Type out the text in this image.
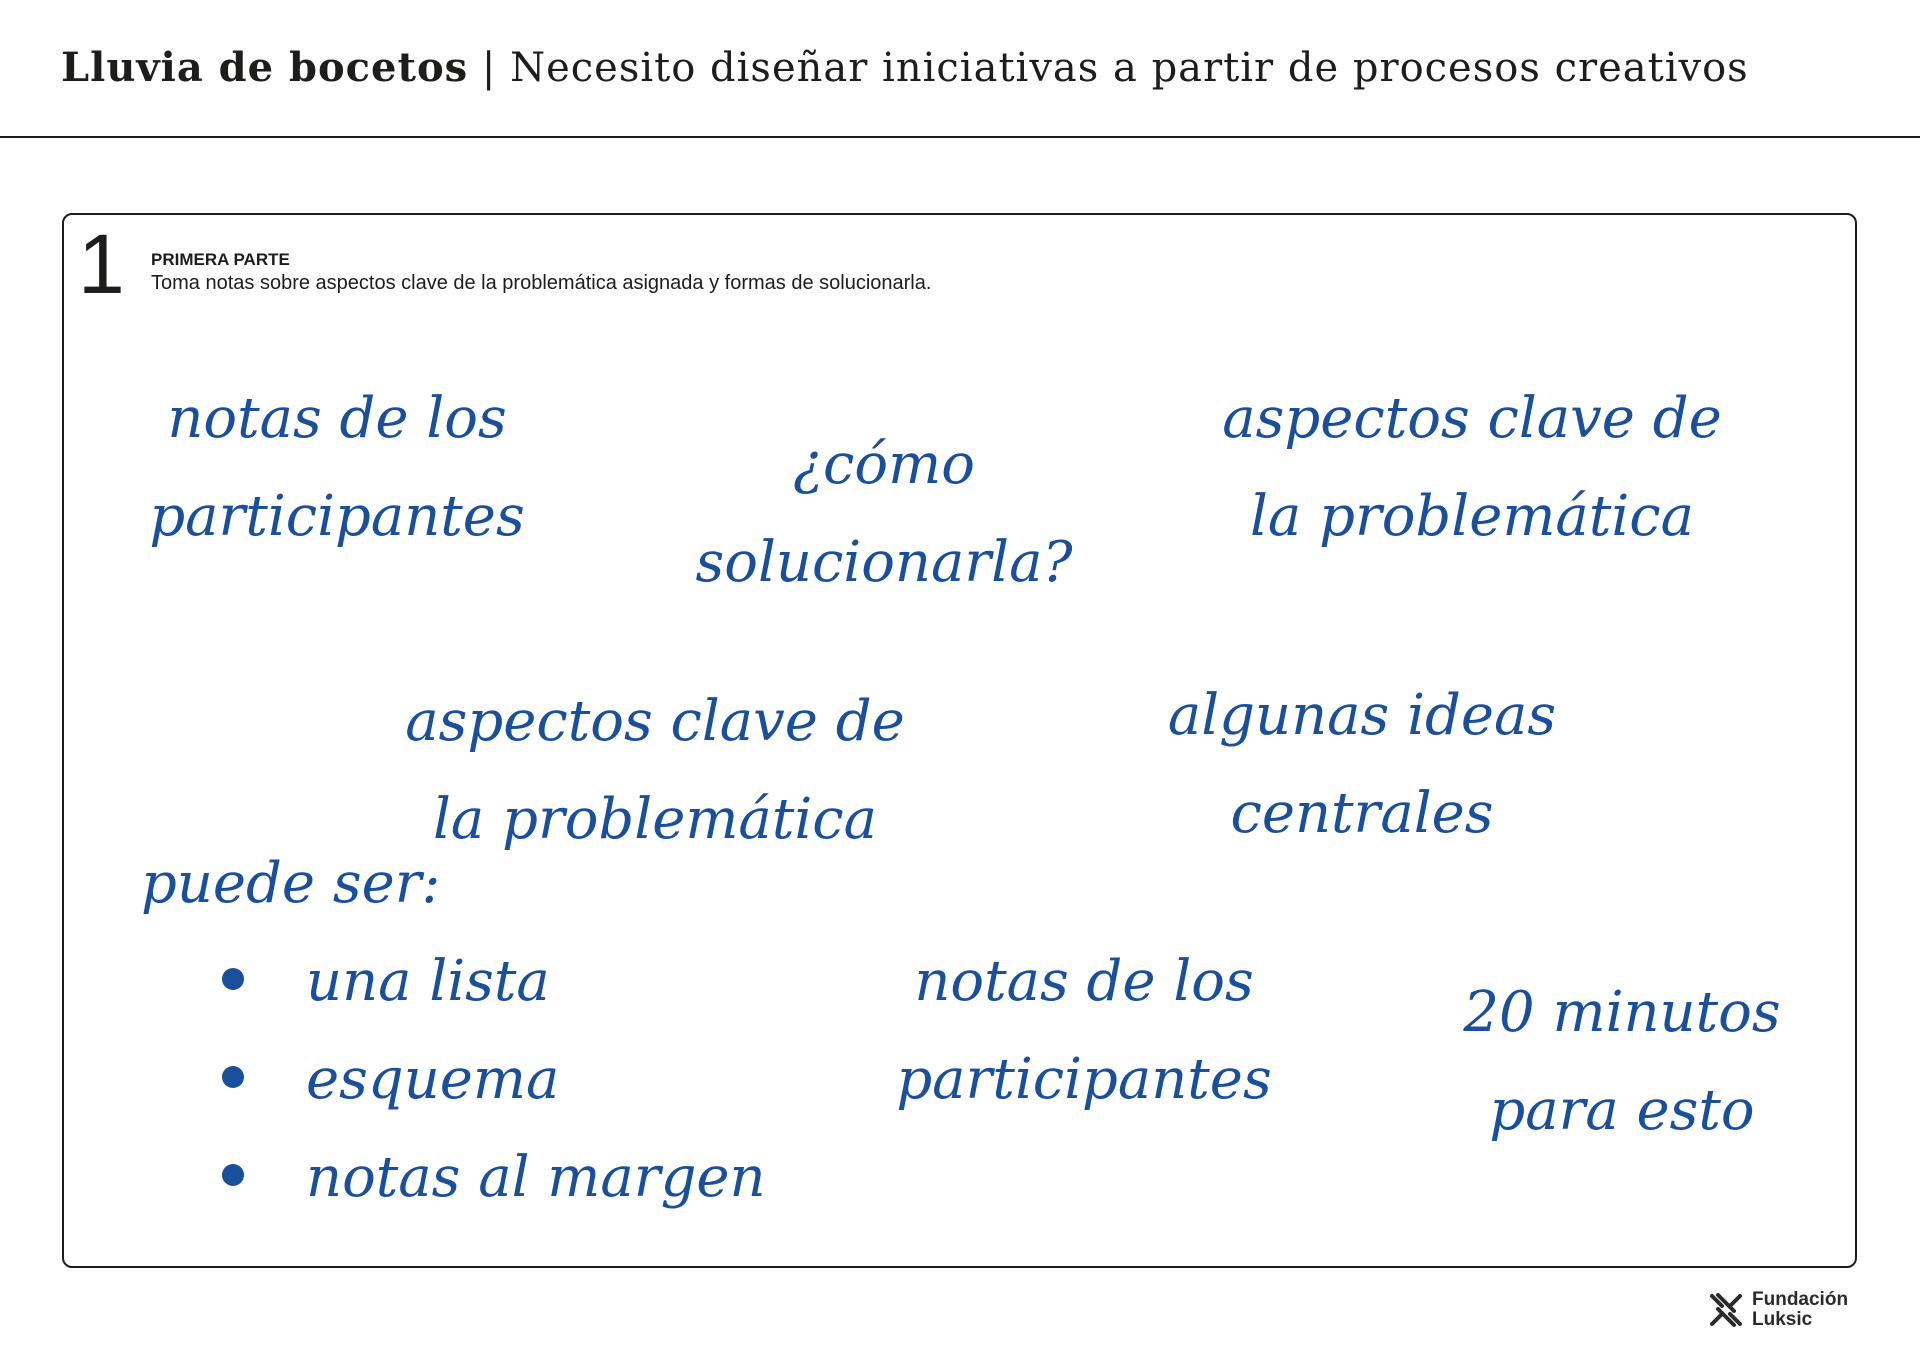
Lluvia de bocetos | Necesito diseñar iniciativas a partir de procesos creativos
1 PRIMERA PARTE
Toma notas sobre aspectos clave de la problemática asignada y formas de solucionarla.
notas de los
participantes
¿cómo
solucionarla?
aspectos clave de
la problemática
aspectos clave de
la problemática
algunas ideas
centrales
puede ser:
una lista
esquema
notas al margen
notas de los
participantes
20 minutos
para esto
Fundación
Luksic
